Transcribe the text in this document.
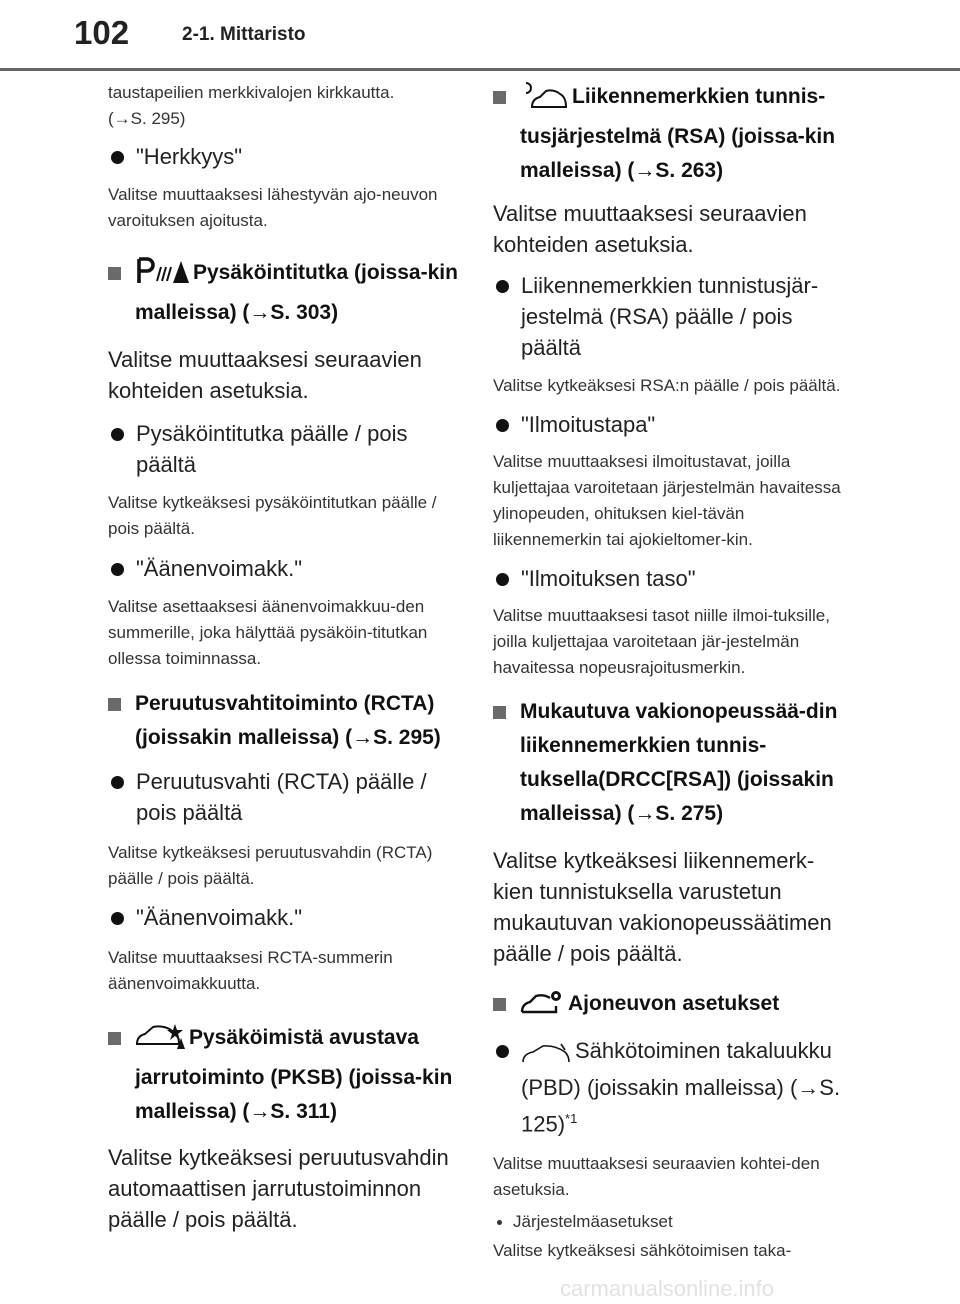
102	2-1. Mittaristo

taustapeilien merkkivalojen kirkkautta.

(→S. 295)

"Herkkyys"

Valitse muuttaaksesi lähestyvän ajo-neuvon varoituksen ajoitusta.

Pysäköintitutka (joissa-kin malleissa) (→S. 303)

Valitse muuttaaksesi seuraavien kohteiden asetuksia.

Pysäköintitutka päälle / pois päältä

Valitse kytkeäksesi pysäköintitutkan päälle / pois päältä.

"Äänenvoimakk."

Valitse asettaaksesi äänenvoimakkuu-den summerille, joka hälyttää pysäköin-titutkan ollessa toiminnassa.

Peruutusvahtitoiminto (RCTA) (joissakin malleissa) (→S. 295)

Peruutusvahti (RCTA) päälle / pois päältä

Valitse kytkeäksesi peruutusvahdin (RCTA) päälle / pois päältä.

"Äänenvoimakk."

Valitse muuttaaksesi RCTA-summerin äänenvoimakkuutta.

Pysäköimistä avustava jarrutoiminto (PKSB) (joissa-kin malleissa) (→S. 311)

Valitse kytkeäksesi peruutusvahdin automaattisen jarrutustoiminnon päälle / pois päältä.

Liikennemerkkien tunnis-tusjärjestelmä (RSA) (joissa-kin malleissa) (→S. 263)

Valitse muuttaaksesi seuraavien kohteiden asetuksia.

Liikennemerkkien tunnistusjär-jestelmä (RSA) päälle / pois päältä

Valitse kytkeäksesi RSA:n päälle / pois päältä.

"Ilmoitustapa"

Valitse muuttaaksesi ilmoitustavat, joilla kuljettajaa varoitetaan järjestelmän havaitessa ylinopeuden, ohituksen kiel-tävän liikennemerkin tai ajokieltomer-kin.

"Ilmoituksen taso"

Valitse muuttaaksesi tasot niille ilmoi-tuksille, joilla kuljettajaa varoitetaan jär-jestelmän havaitessa nopeusrajoitusmerkin.

Mukautuva vakionopeussää-din liikennemerkkien tunnis-tuksella(DRCC[RSA]) (joissakin malleissa) (→S. 275)

Valitse kytkeäksesi liikennemerk-kien tunnistuksella varustetun mukautuvan vakionopeussäätimen päälle / pois päältä.

Ajoneuvon asetukset

Sähkötoiminen takaluukku (PBD) (joissakin malleissa) (→S. 125)$^{*1}$

Valitse muuttaaksesi seuraavien kohtei-den asetuksia.

Järjestelmäasetukset

Valitse kytkeäksesi sähkötoimisen taka-

carmanualsonline.info
